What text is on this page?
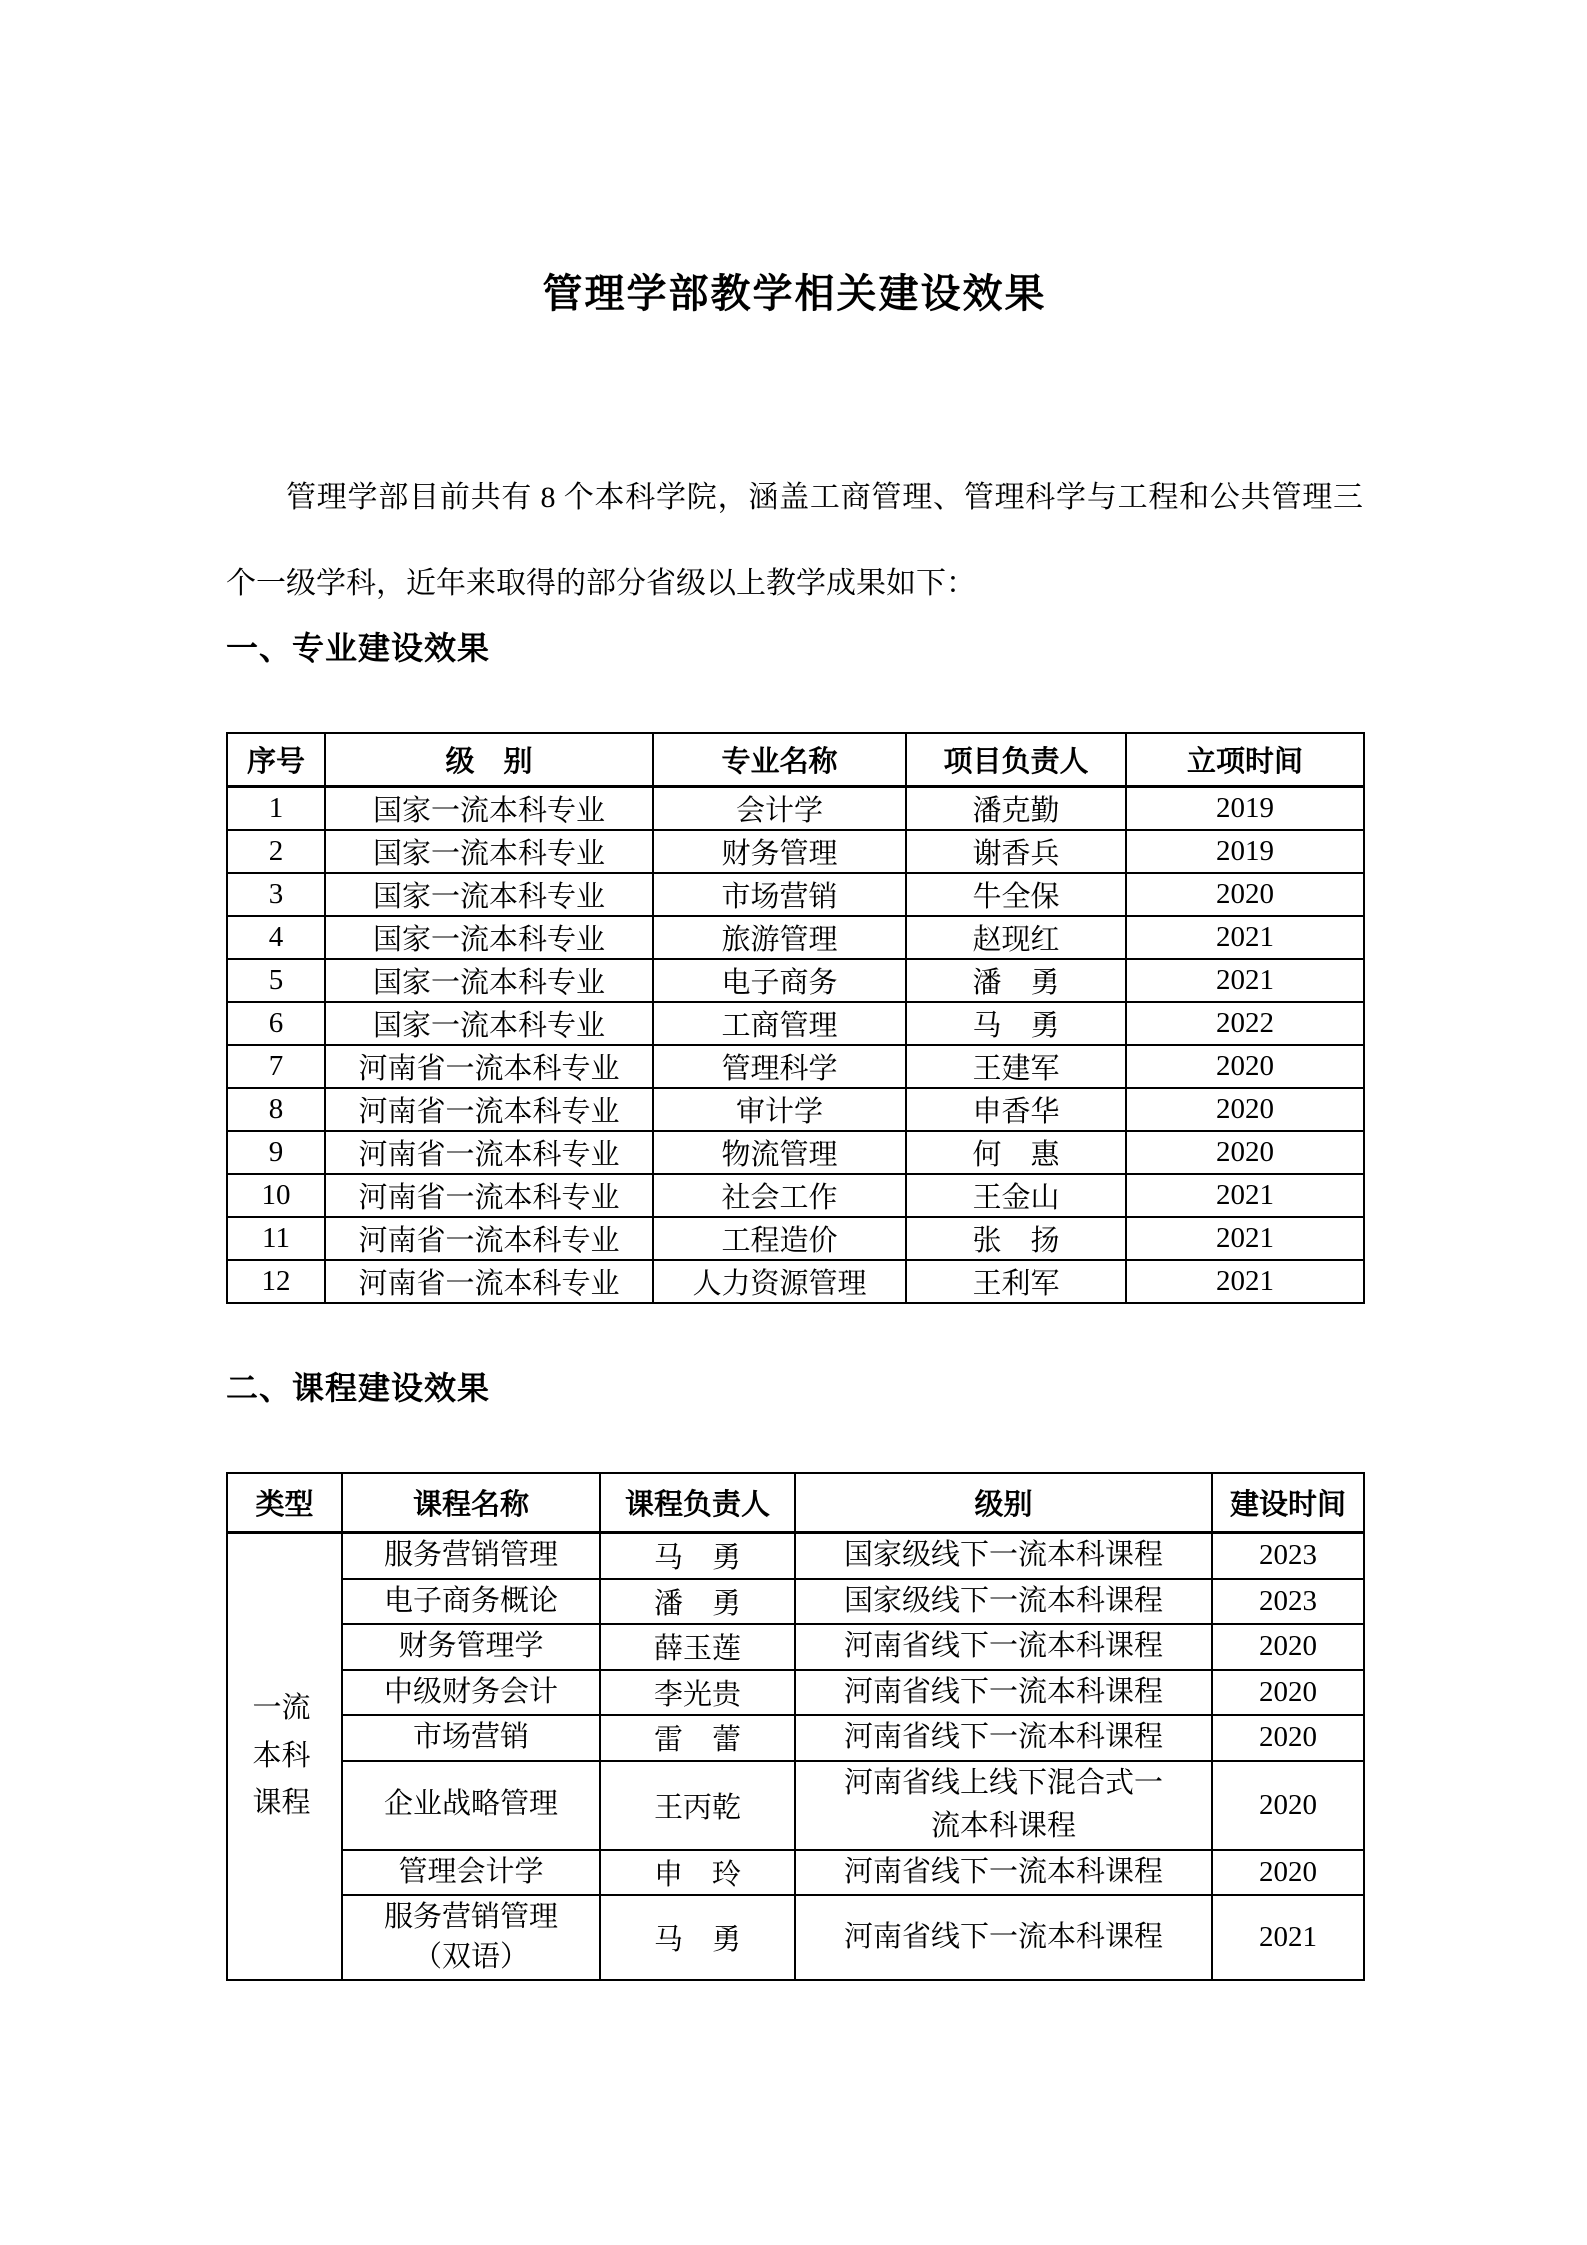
管理学部教学相关建设效果

管理学部目前共有 8 个本科学院，涵盖工商管理、管理科学与工程和公共管理三个一级学科，近年来取得的部分省级以上教学成果如下：

一、专业建设效果
序号	级　别	专业名称	项目负责人	立项时间
1	国家一流本科专业	会计学	潘克勤	2019
2	国家一流本科专业	财务管理	谢香兵	2019
3	国家一流本科专业	市场营销	牛全保	2020
4	国家一流本科专业	旅游管理	赵现红	2021
5	国家一流本科专业	电子商务	潘　勇	2021
6	国家一流本科专业	工商管理	马　勇	2022
7	河南省一流本科专业	管理科学	王建军	2020
8	河南省一流本科专业	审计学	申香华	2020
9	河南省一流本科专业	物流管理	何　惠	2020
10	河南省一流本科专业	社会工作	王金山	2021
11	河南省一流本科专业	工程造价	张　扬	2021
12	河南省一流本科专业	人力资源管理	王利军	2021
二、课程建设效果
类型	课程名称	课程负责人	级别	建设时间
一流本科课程	服务营销管理	马　勇	国家级线下一流本科课程	2023
	电子商务概论	潘　勇	国家级线下一流本科课程	2023
	财务管理学	薛玉莲	河南省线下一流本科课程	2020
	中级财务会计	李光贵	河南省线下一流本科课程	2020
	市场营销	雷　蕾	河南省线下一流本科课程	2020
	企业战略管理	王丙乾	河南省线上线下混合式一流本科课程	2020
	管理会计学	申　玲	河南省线下一流本科课程	2020
	服务营销管理（双语）	马　勇	河南省线下一流本科课程	2021
